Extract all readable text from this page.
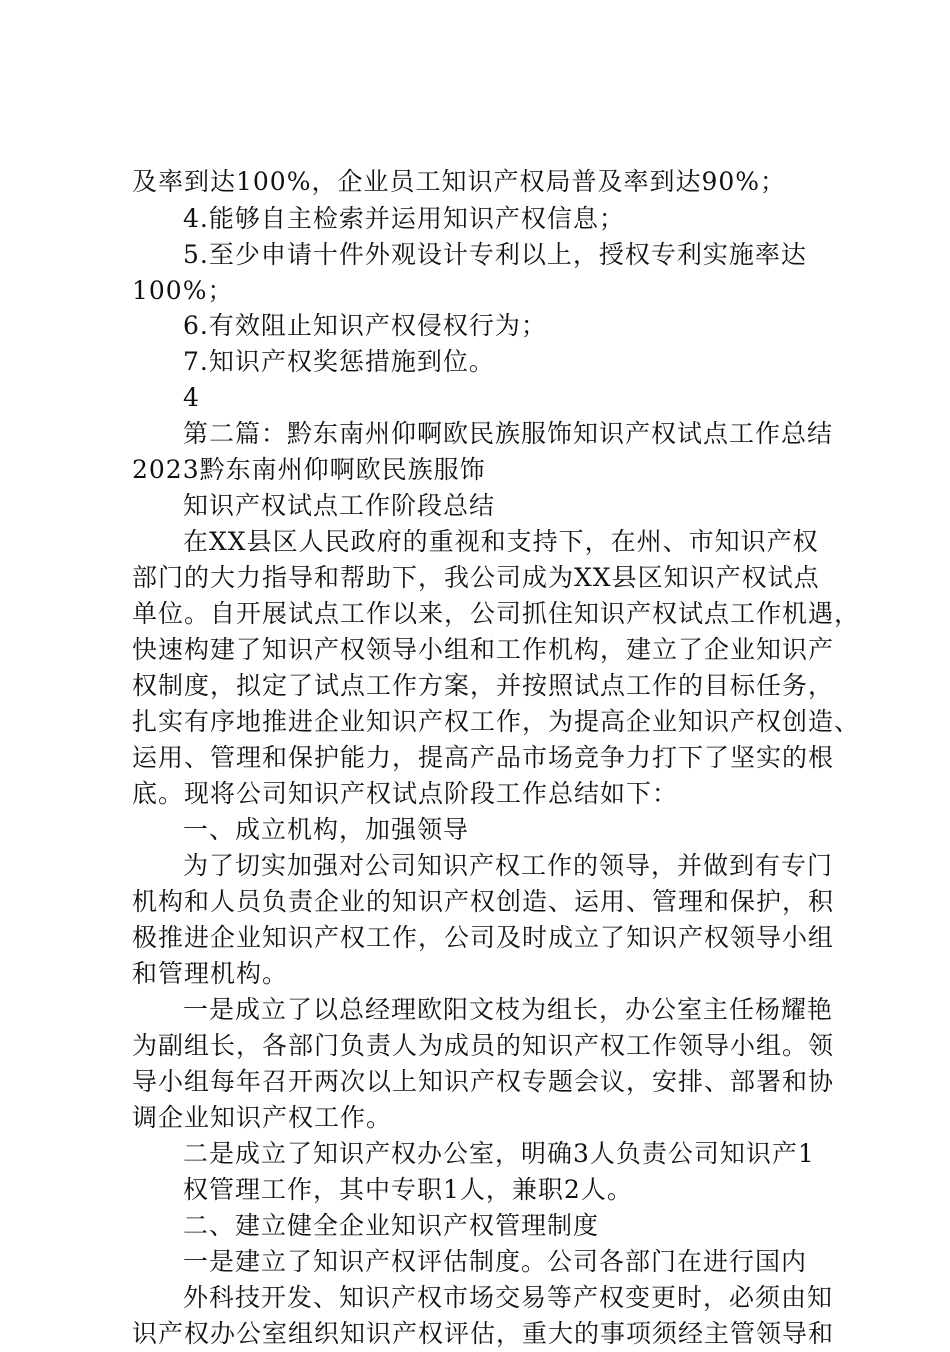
及率到达100%，企业员工知识产权局普及率到达90%；
4.能够自主检索并运用知识产权信息；
5.至少申请十件外观设计专利以上，授权专利实施率达
100%；
6.有效阻止知识产权侵权行为；
7.知识产权奖惩措施到位。
4
第二篇：黔东南州仰啊欧民族服饰知识产权试点工作总结
2023黔东南州仰啊欧民族服饰
知识产权试点工作阶段总结
在XX县区人民政府的重视和支持下，在州、市知识产权
部门的大力指导和帮助下，我公司成为XX县区知识产权试点
单位。自开展试点工作以来，公司抓住知识产权试点工作机遇，
快速构建了知识产权领导小组和工作机构，建立了企业知识产
权制度，拟定了试点工作方案，并按照试点工作的目标任务，
扎实有序地推进企业知识产权工作，为提高企业知识产权创造、
运用、管理和保护能力，提高产品市场竞争力打下了坚实的根
底。现将公司知识产权试点阶段工作总结如下：
一、成立机构，加强领导
为了切实加强对公司知识产权工作的领导，并做到有专门
机构和人员负责企业的知识产权创造、运用、管理和保护，积
极推进企业知识产权工作，公司及时成立了知识产权领导小组
和管理机构。
一是成立了以总经理欧阳文枝为组长，办公室主任杨耀艳
为副组长，各部门负责人为成员的知识产权工作领导小组。领
导小组每年召开两次以上知识产权专题会议，安排、部署和协
调企业知识产权工作。
二是成立了知识产权办公室，明确3人负责公司知识产1
权管理工作，其中专职1人，兼职2人。
二、建立健全企业知识产权管理制度
一是建立了知识产权评估制度。公司各部门在进行国内
外科技开发、知识产权市场交易等产权变更时，必须由知
识产权办公室组织知识产权评估，重大的事项须经主管领导和
